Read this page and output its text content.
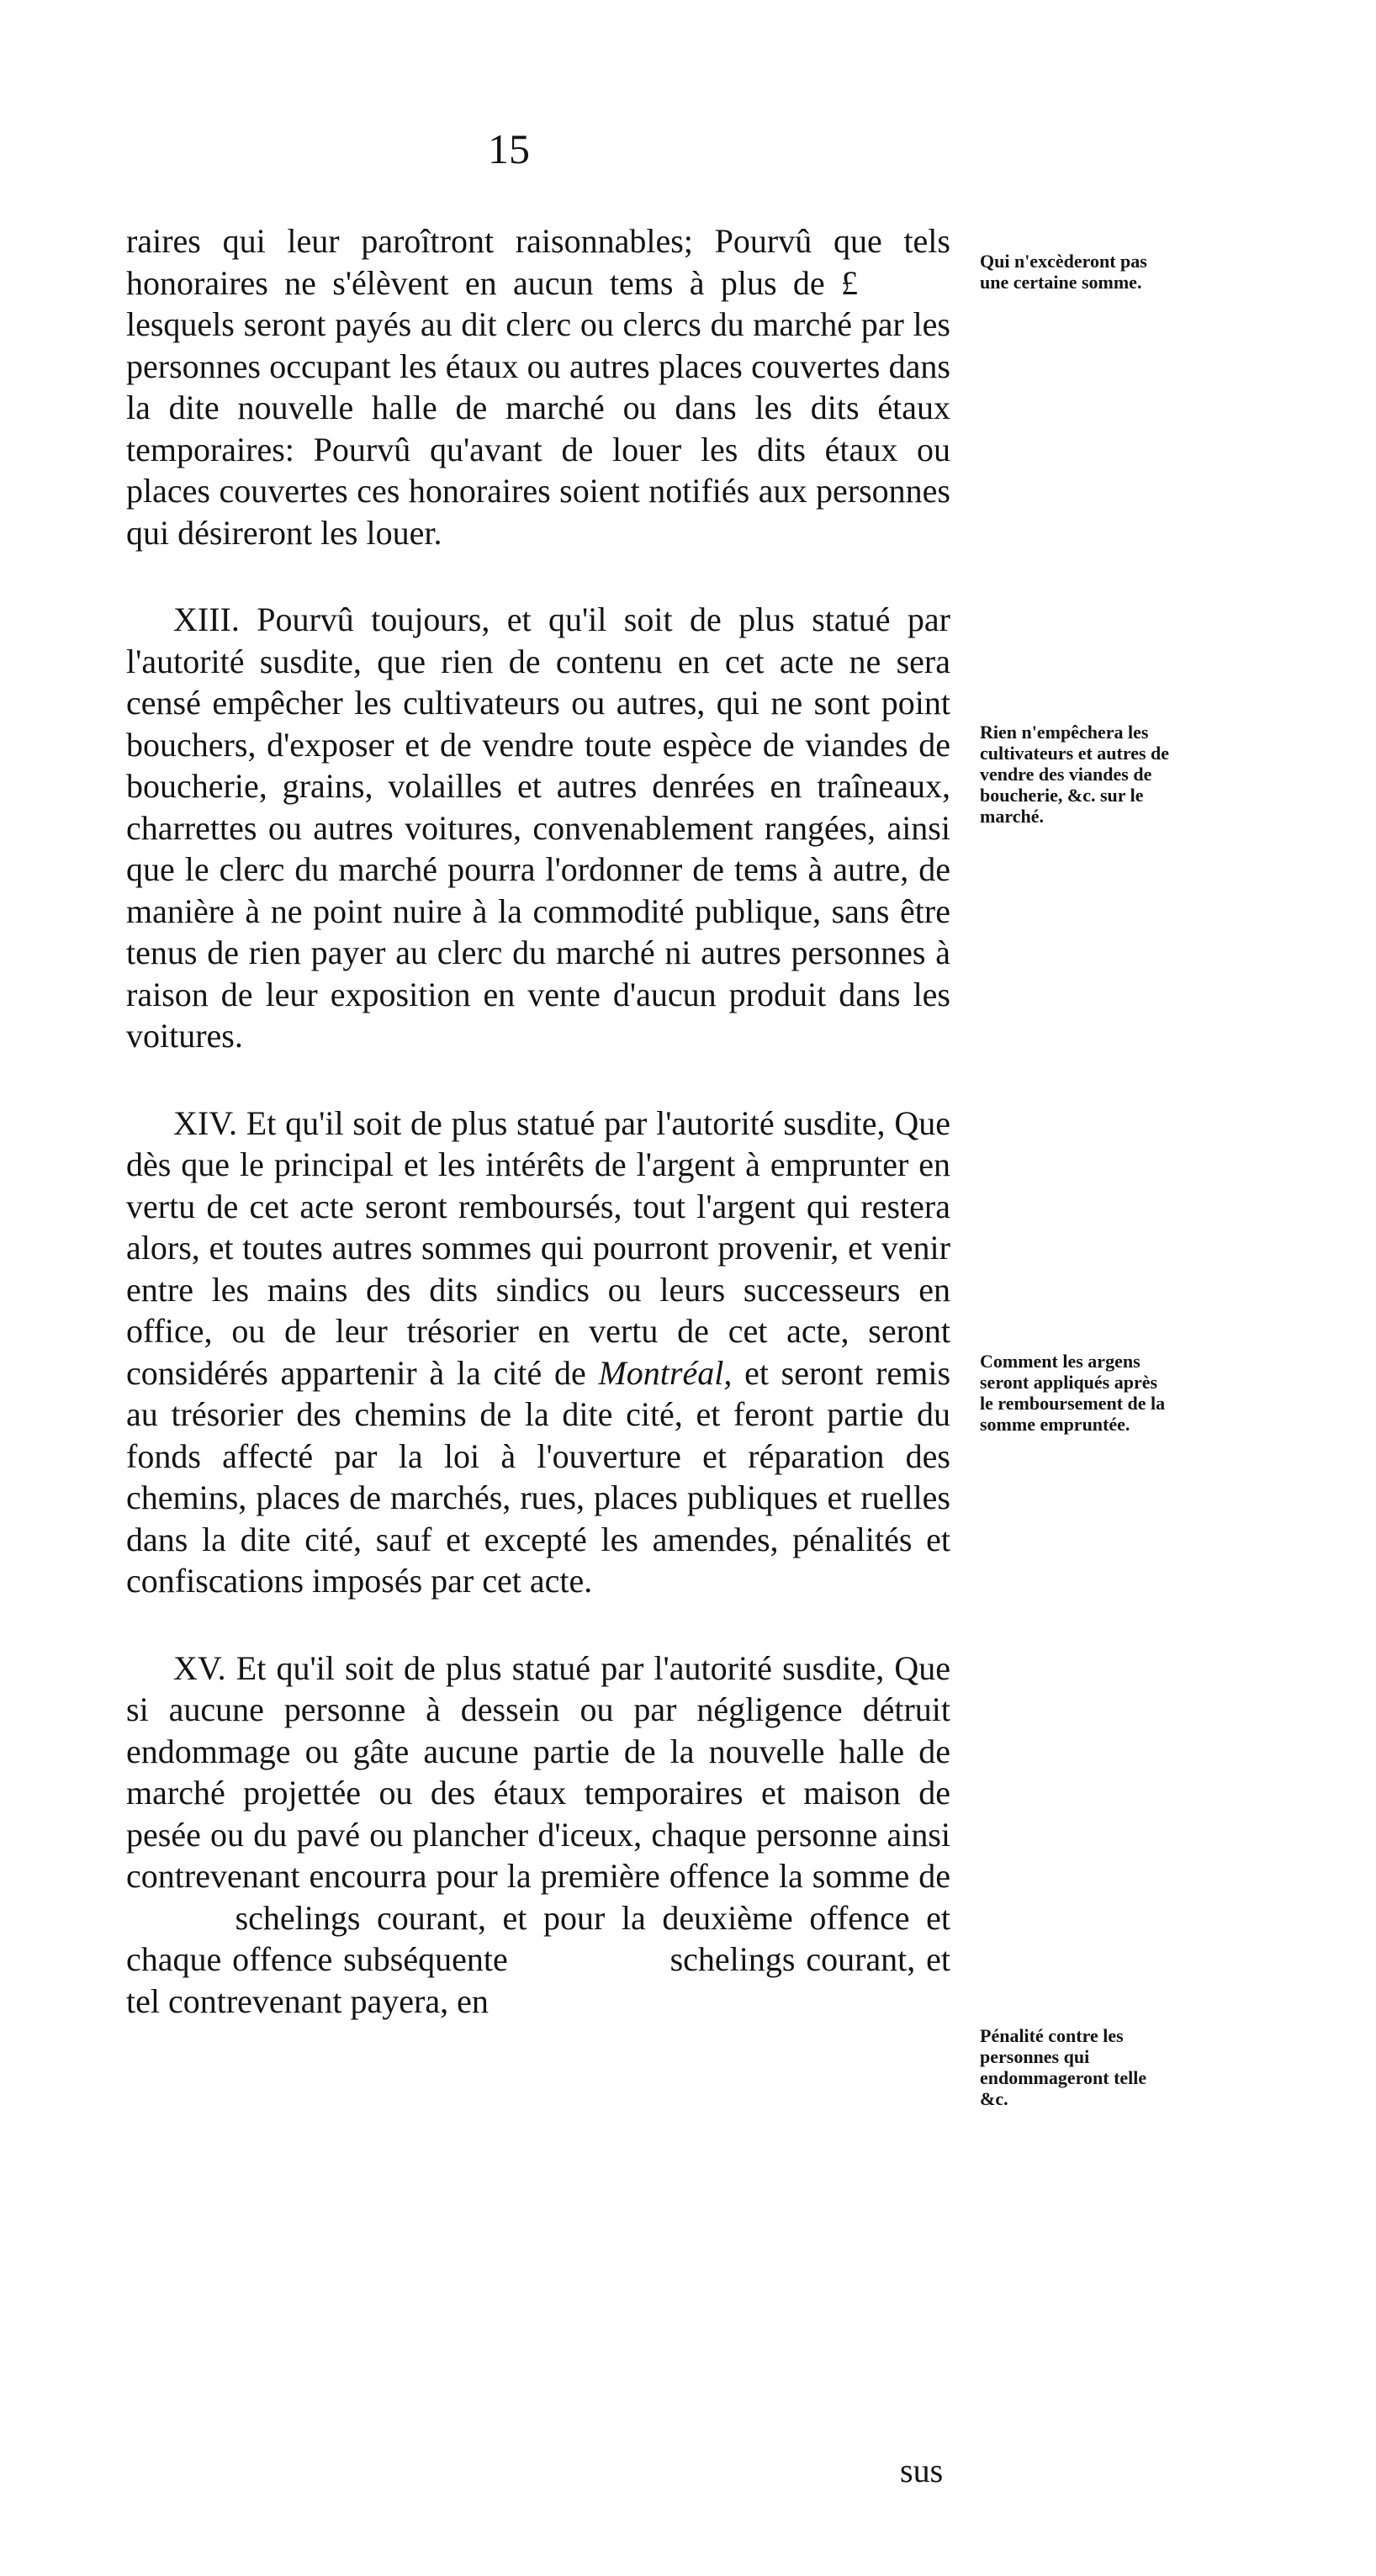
15

raires qui leur paroîtront raisonnables; Pourvû que tels honoraires ne s'élèvent en aucun tems à plus de £ lesquels seront payés au dit clerc ou clercs du marché par les personnes occupant les étaux ou autres places couvertes dans la dite nouvelle halle de marché ou dans les dits étaux temporaires: Pourvû qu'avant de louer les dits étaux ou places couvertes ces honoraires soient notifiés aux personnes qui désireront les louer.

XIII. Pourvû toujours, et qu'il soit de plus statué par l'autorité susdite, que rien de contenu en cet acte ne sera censé empêcher les cultivateurs ou autres, qui ne sont point bouchers, d'exposer et de vendre toute espèce de viandes de boucherie, grains, volailles et autres denrées en traîneaux, charrettes ou autres voitures, convenablement rangées, ainsi que le clerc du marché pourra l'ordonner de tems à autre, de manière à ne point nuire à la commodité publique, sans être tenus de rien payer au clerc du marché ni autres personnes à raison de leur exposition en vente d'aucun produit dans les voitures.

XIV. Et qu'il soit de plus statué par l'autorité susdite, Que dès que le principal et les intérêts de l'argent à emprunter en vertu de cet acte seront remboursés, tout l'argent qui restera alors, et toutes autres sommes qui pourront provenir, et venir entre les mains des dits sindics ou leurs successeurs en office, ou de leur trésorier en vertu de cet acte, seront considérés appartenir à la cité de Montréal, et seront remis au trésorier des chemins de la dite cité, et feront partie du fonds affecté par la loi à l'ouverture et réparation des chemins, places de marchés, rues, places publiques et ruelles dans la dite cité, sauf et excepté les amendes, pénalités et confiscations imposés par cet acte.

XV. Et qu'il soit de plus statué par l'autorité susdite, Que si aucune personne à dessein ou par négligence détruit endommage ou gâte aucune partie de la nouvelle halle de marché projettée ou des étaux temporaires et maison de pesée ou du pavé ou plancher d'iceux, chaque personne ainsi contrevenant encourra pour la première offence la somme de schelings courant, et pour la deuxième offence et chaque offence subséquente	schelings courant, et tel contrevenant payera, en

sus
Qui n'excèderont pas une certaine somme.
Rien n'empêchera les cultivateurs et autres de vendre des viandes de boucherie, &c. sur le marché.
Comment les argens seront appliqués après le remboursement de la somme empruntée.
Pénalité contre les personnes qui endommageront telle &c.
